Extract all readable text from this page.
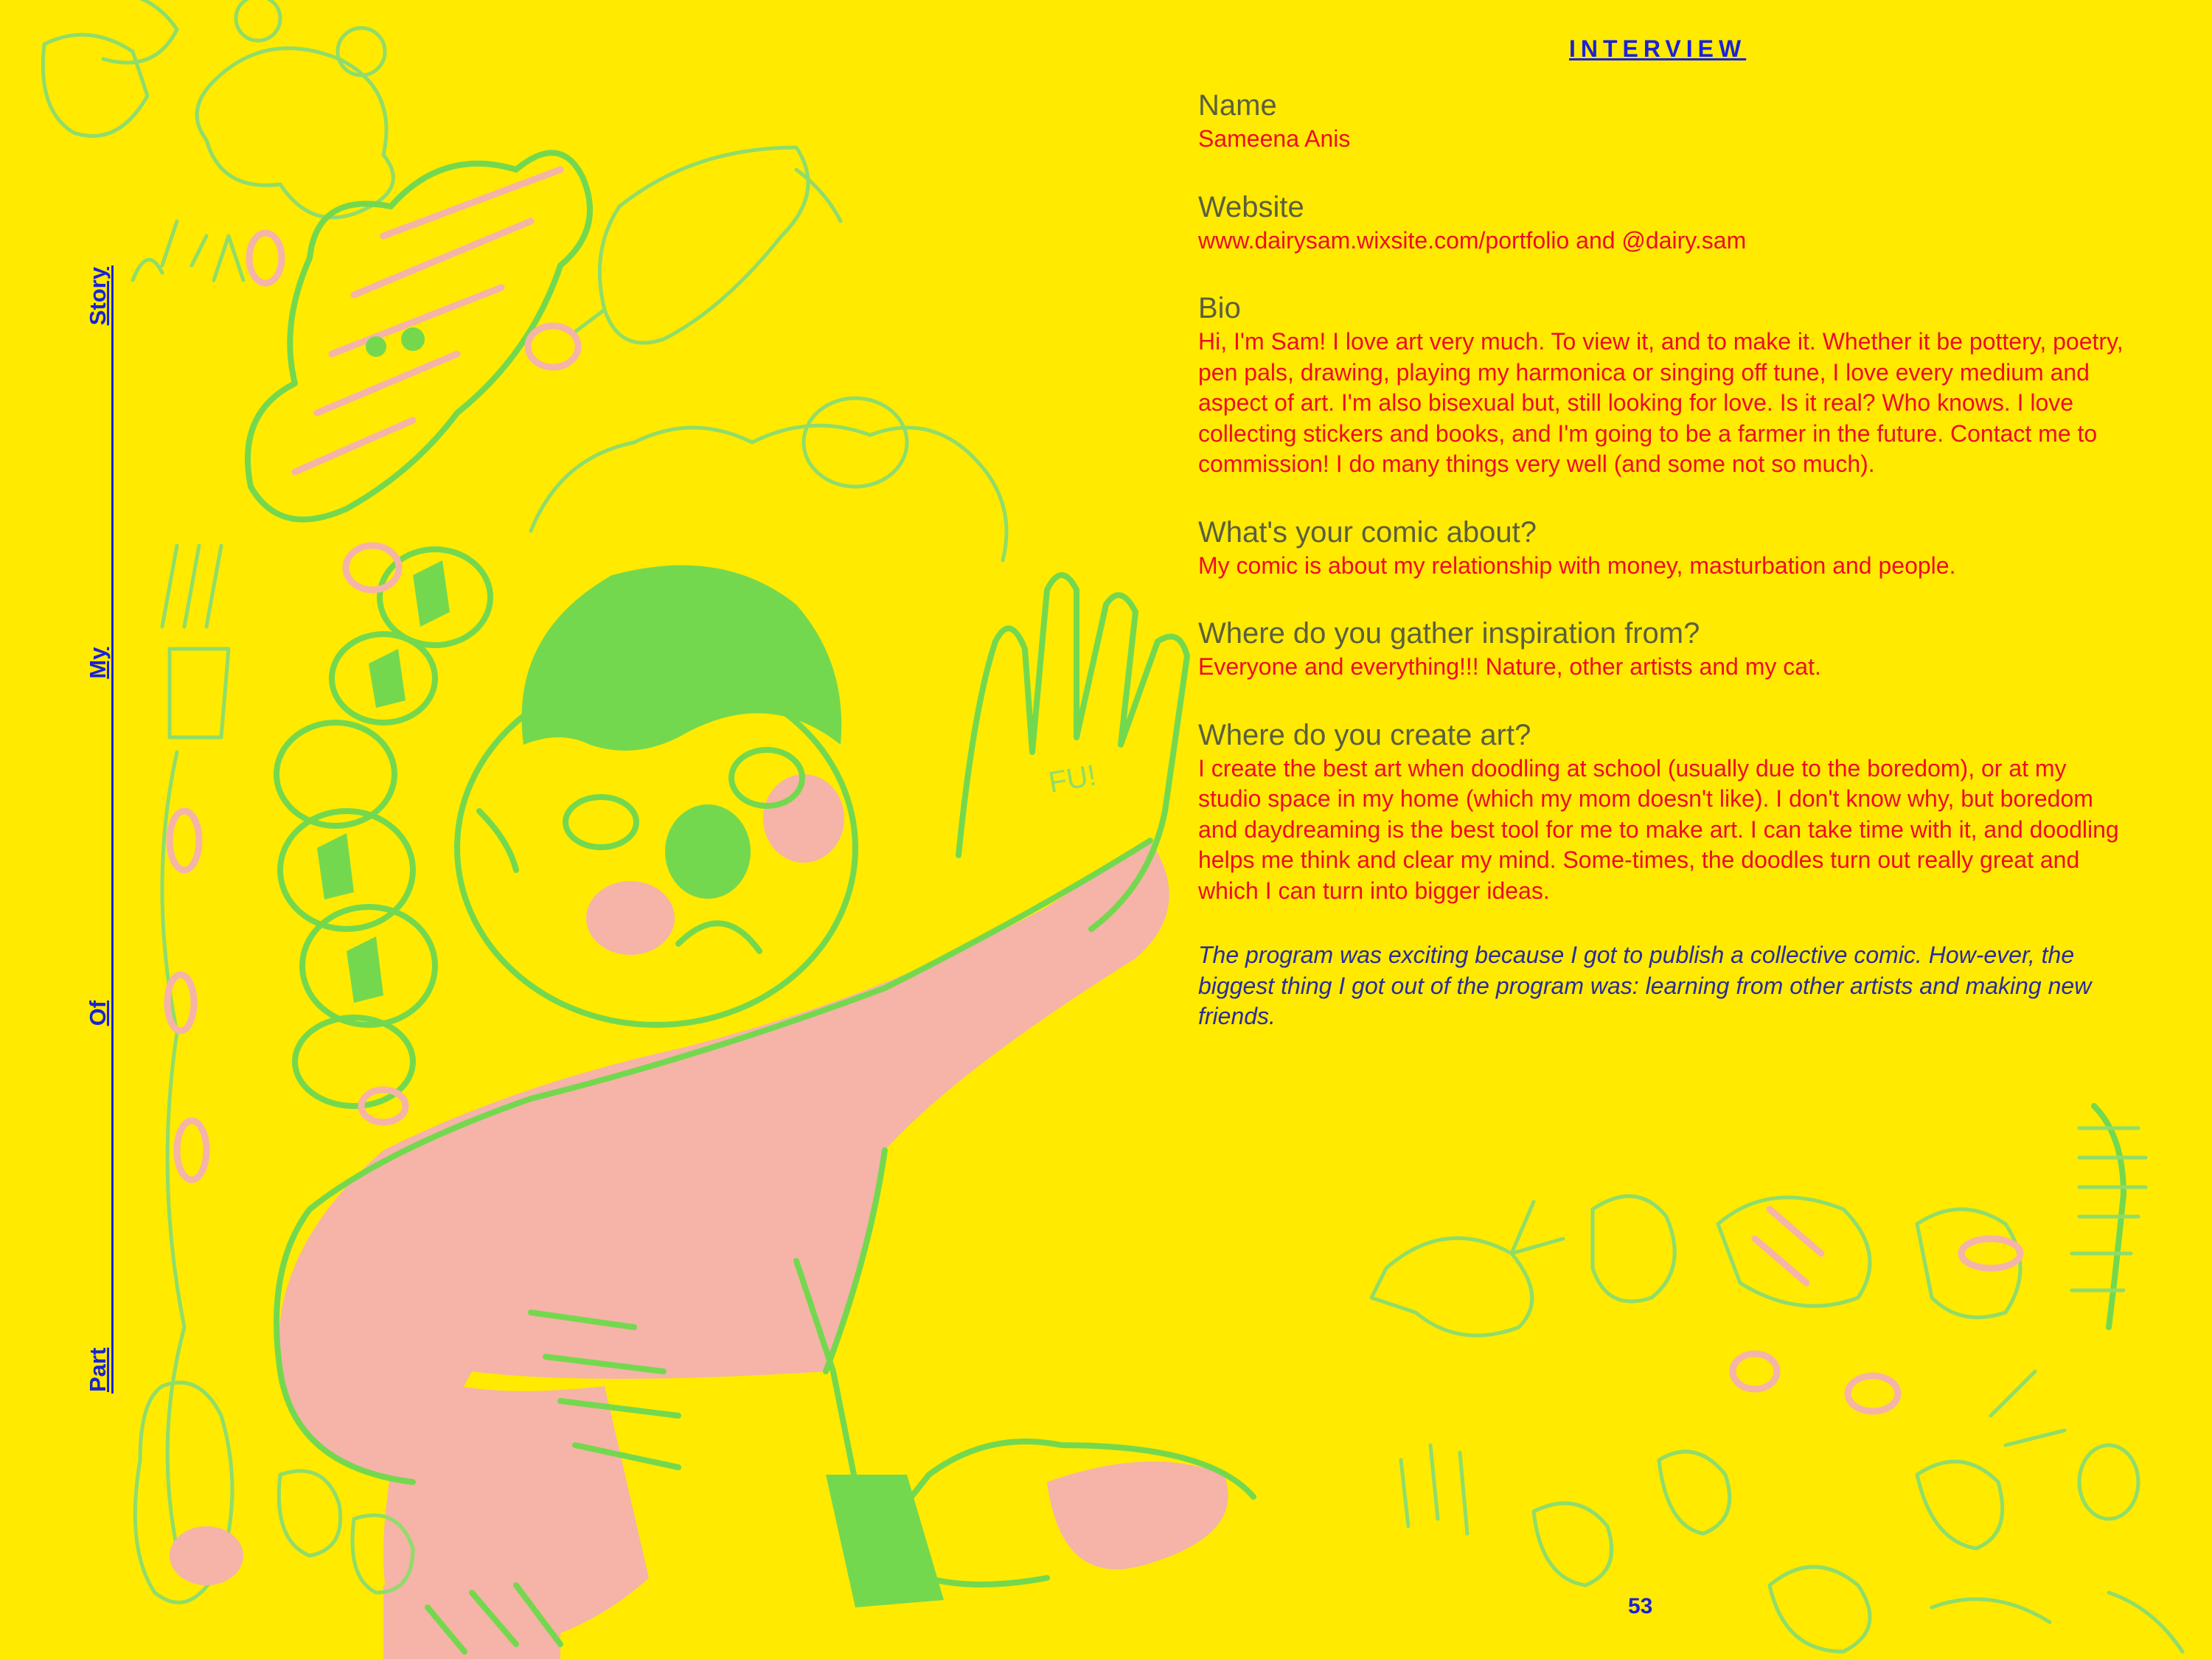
FU!
Part
Of
My
Story
INTERVIEW
Name
Sameena Anis
Website
www.dairysam.wixsite.com/portfolio and @dairy.sam
Bio
Hi, I'm Sam! I love art very much. To view it, and to make it. Whether it be pottery, poetry, pen pals, drawing, playing my harmonica or singing off tune, I love every medium and aspect of art. I'm also bisexual but, still looking for love. Is it real? Who knows. I love collecting stickers and books, and I'm going to be a farmer in the future. Contact me to commission! I do many things very well (and some not so much).
What's your comic about?
My comic is about my relationship with money, masturbation and people.
Where do you gather inspiration from?
Everyone and everything!!! Nature, other artists and my cat.
Where do you create art?
I create the best art when doodling at school (usually due to the boredom), or at my studio space in my home (which my mom doesn't like). I don't know why, but boredom and daydreaming is the best tool for me to make art. I can take time with it, and doodling helps me think and clear my mind. Some-times, the doodles turn out really great and which I can turn into bigger ideas.
The program was exciting because I got to publish a collective comic. How-ever, the biggest thing I got out of the program was: learning from other artists and making new friends.
53
